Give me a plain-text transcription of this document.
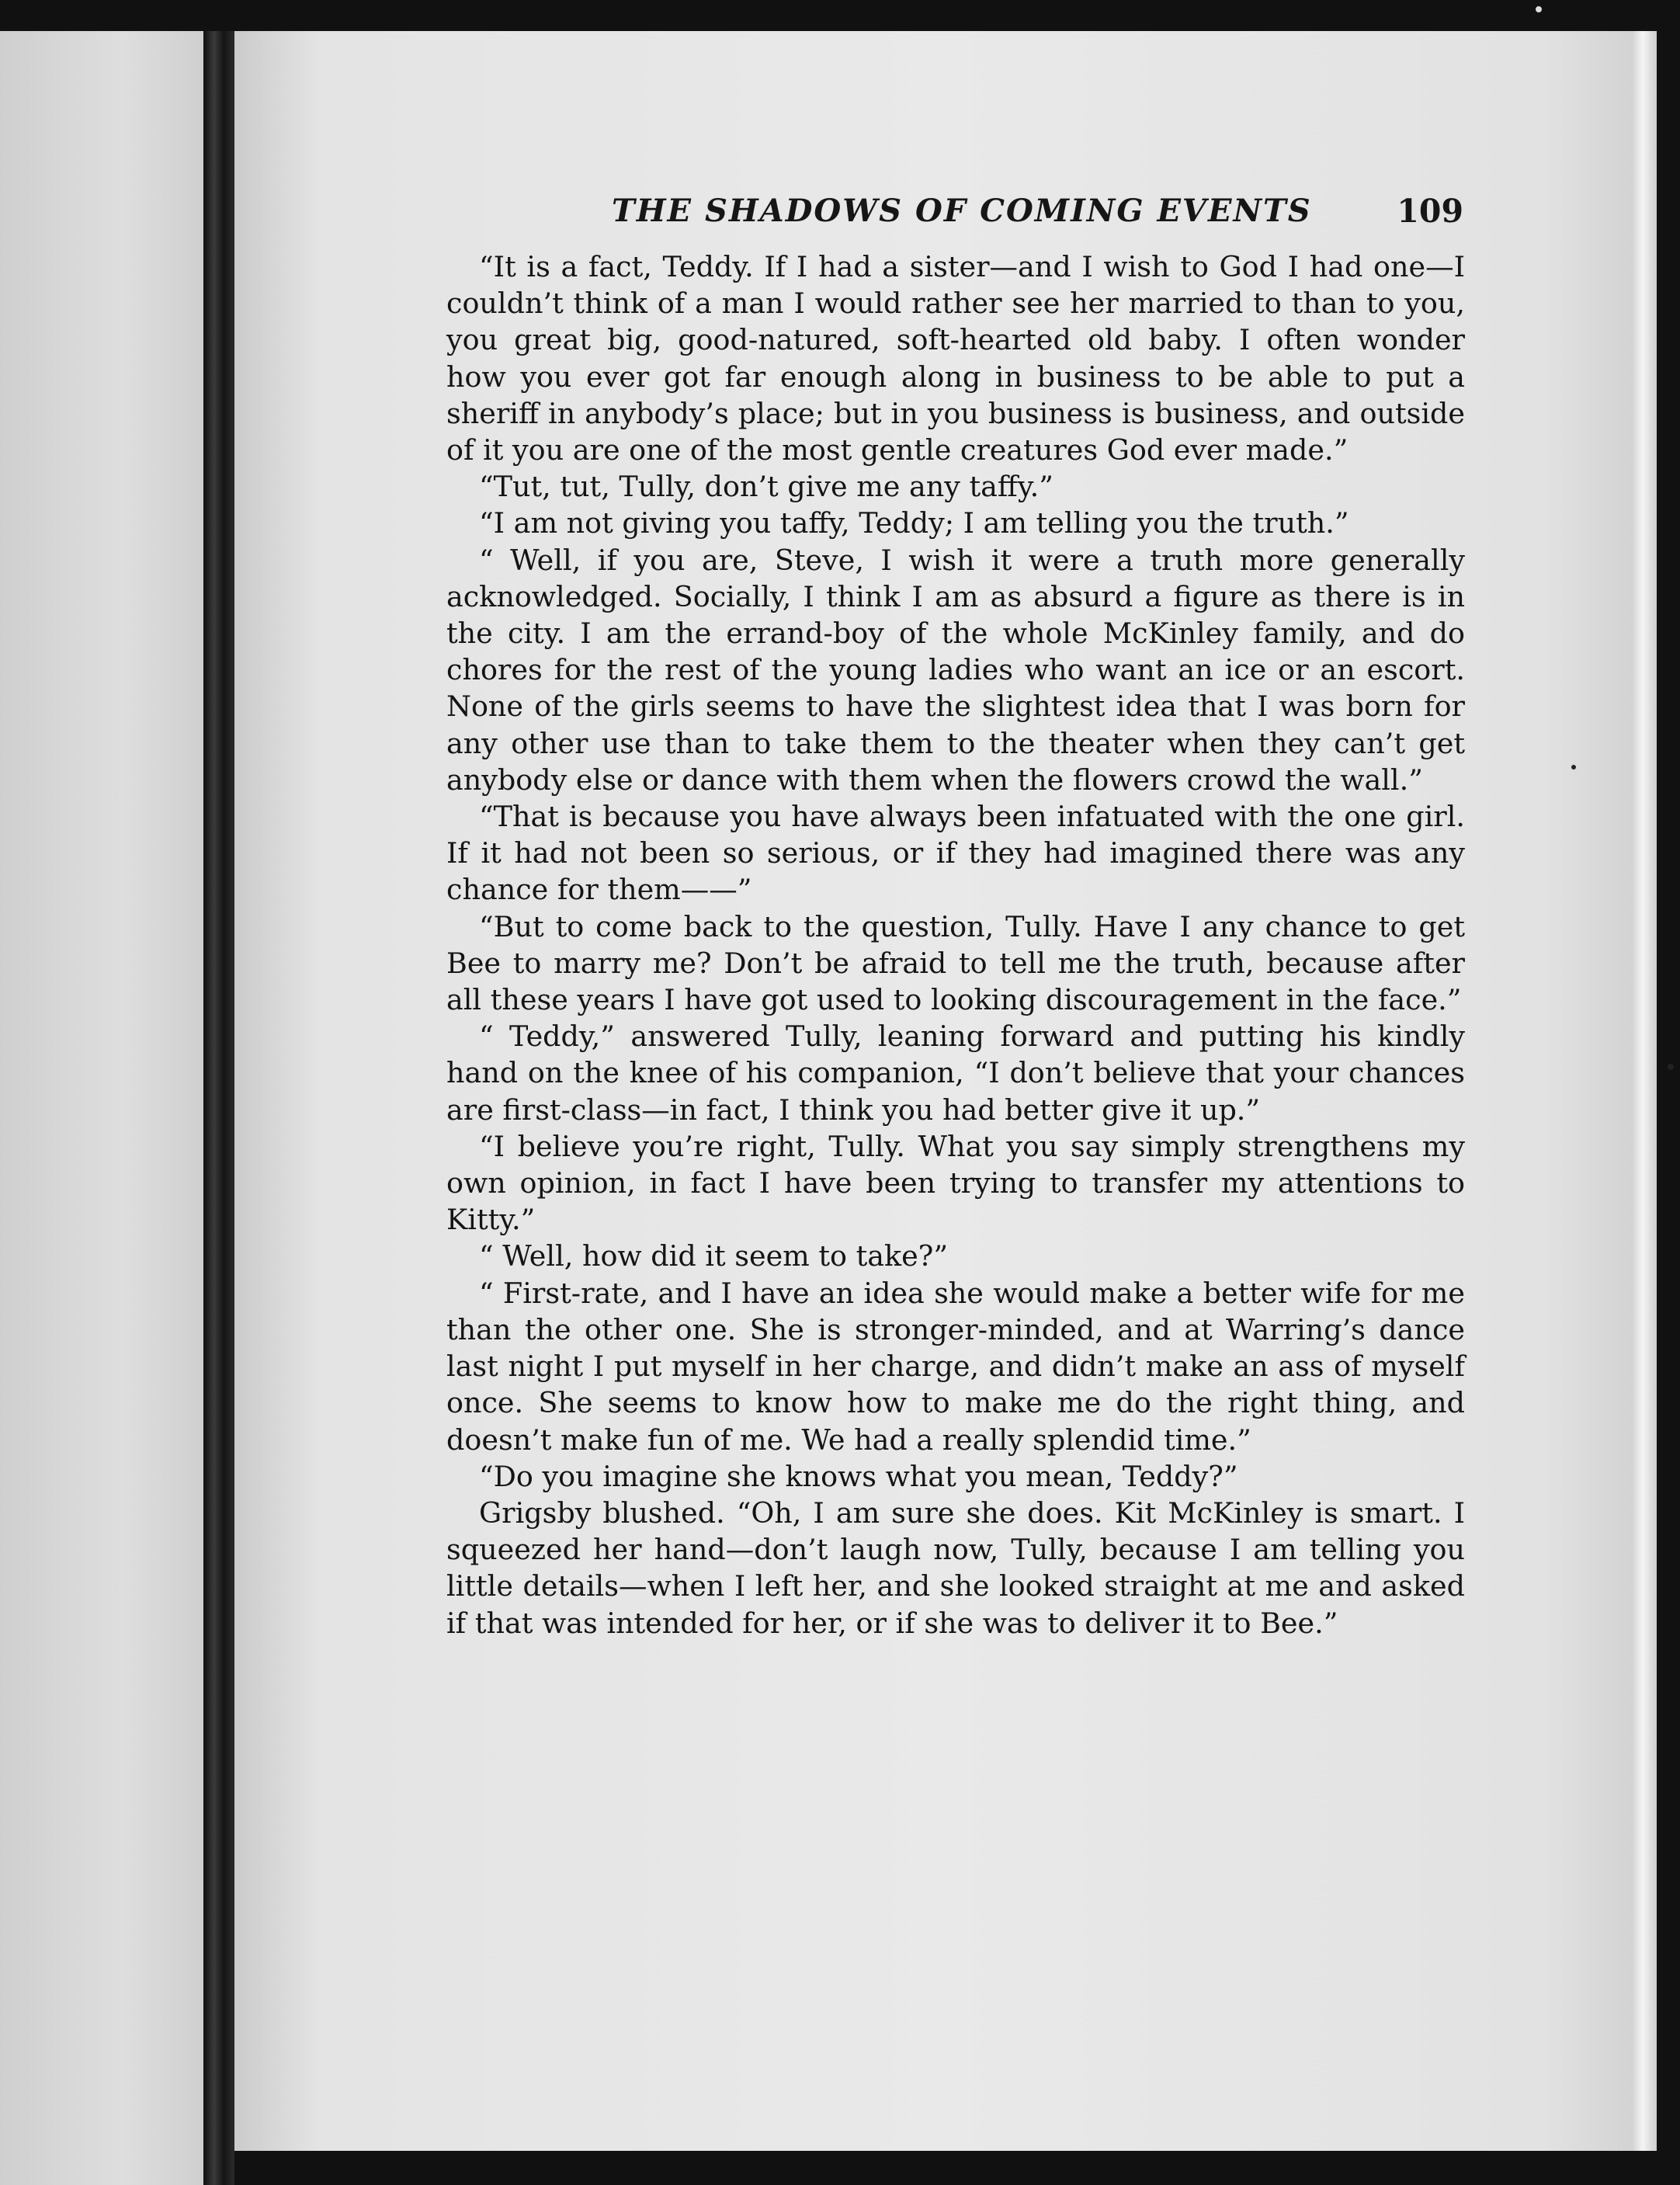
THE SHADOWS OF COMING EVENTS	109

“It is a fact, Teddy. If I had a sister—and I wish to God I had one—I couldn’t think of a man I would rather see her married to than to you, you great big, good-natured, soft-hearted old baby. I often wonder how you ever got far enough along in business to be able to put a sheriff in anybody’s place; but in you business is business, and outside of it you are one of the most gentle creatures God ever made.”

“Tut, tut, Tully, don’t give me any taffy.”

“I am not giving you taffy, Teddy; I am telling you the truth.”

“ Well, if you are, Steve, I wish it were a truth more generally acknowledged. Socially, I think I am as absurd a figure as there is in the city. I am the errand-boy of the whole McKinley family, and do chores for the rest of the young ladies who want an ice or an escort. None of the girls seems to have the slightest idea that I was born for any other use than to take them to the theater when they can’t get anybody else or dance with them when the flowers crowd the wall.”

“That is because you have always been infatuated with the one girl. If it had not been so serious, or if they had imagined there was any chance for them——”

“But to come back to the question, Tully. Have I any chance to get Bee to marry me? Don’t be afraid to tell me the truth, because after all these years I have got used to looking discouragement in the face.”

“ Teddy,” answered Tully, leaning forward and putting his kindly hand on the knee of his companion, “I don’t believe that your chances are first-class—in fact, I think you had better give it up.”

“I believe you’re right, Tully. What you say simply strengthens my own opinion, in fact I have been trying to transfer my attentions to Kitty.”

“ Well, how did it seem to take?”

“ First-rate, and I have an idea she would make a better wife for me than the other one. She is stronger-minded, and at Warring’s dance last night I put myself in her charge, and didn’t make an ass of myself once. She seems to know how to make me do the right thing, and doesn’t make fun of me. We had a really splendid time.”

“Do you imagine she knows what you mean, Teddy?”

Grigsby blushed. “Oh, I am sure she does. Kit McKinley is smart. I squeezed her hand—don’t laugh now, Tully, because I am telling you little details—when I left her, and she looked straight at me and asked if that was intended for her, or if she was to deliver it to Bee.”
